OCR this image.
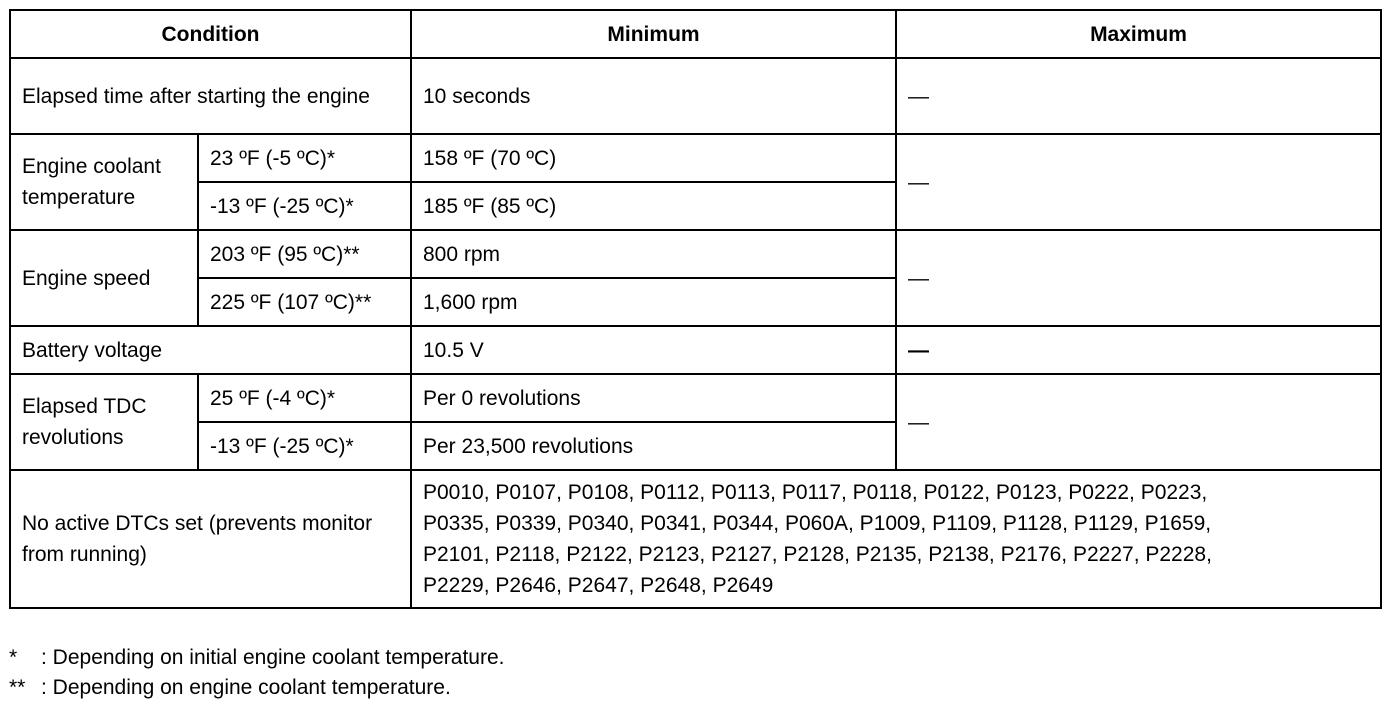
Condition		Minimum	Maximum
Elapsed time after starting the engine		10 seconds	—
Engine coolant temperature	23 ºF (-5 ºC)*	158 ºF (70 ºC)	—
	-13 ºF (-25 ºC)*	185 ºF (85 ºC)	
Engine speed	203 ºF (95 ºC)**	800 rpm	—
	225 ºF (107 ºC)**	1,600 rpm	
Battery voltage		10.5 V	—
Elapsed TDC revolutions	25 ºF (-4 ºC)*	Per 0 revolutions	—
	-13 ºF (-25 ºC)*	Per 23,500 revolutions	
No active DTCs set (prevents monitor from running)		P0010, P0107, P0108, P0112, P0113, P0117, P0118, P0122, P0123, P0222, P0223,
P0335, P0339, P0340, P0341, P0344, P060A, P1009, P1109, P1128, P1129, P1659,
P2101, P2118, P2122, P2123, P2127, P2128, P2135, P2138, P2176, P2227, P2228,
P2229, P2646, P2647, P2648, P2649	
*	: Depending on initial engine coolant temperature.
** : Depending on engine coolant temperature.
